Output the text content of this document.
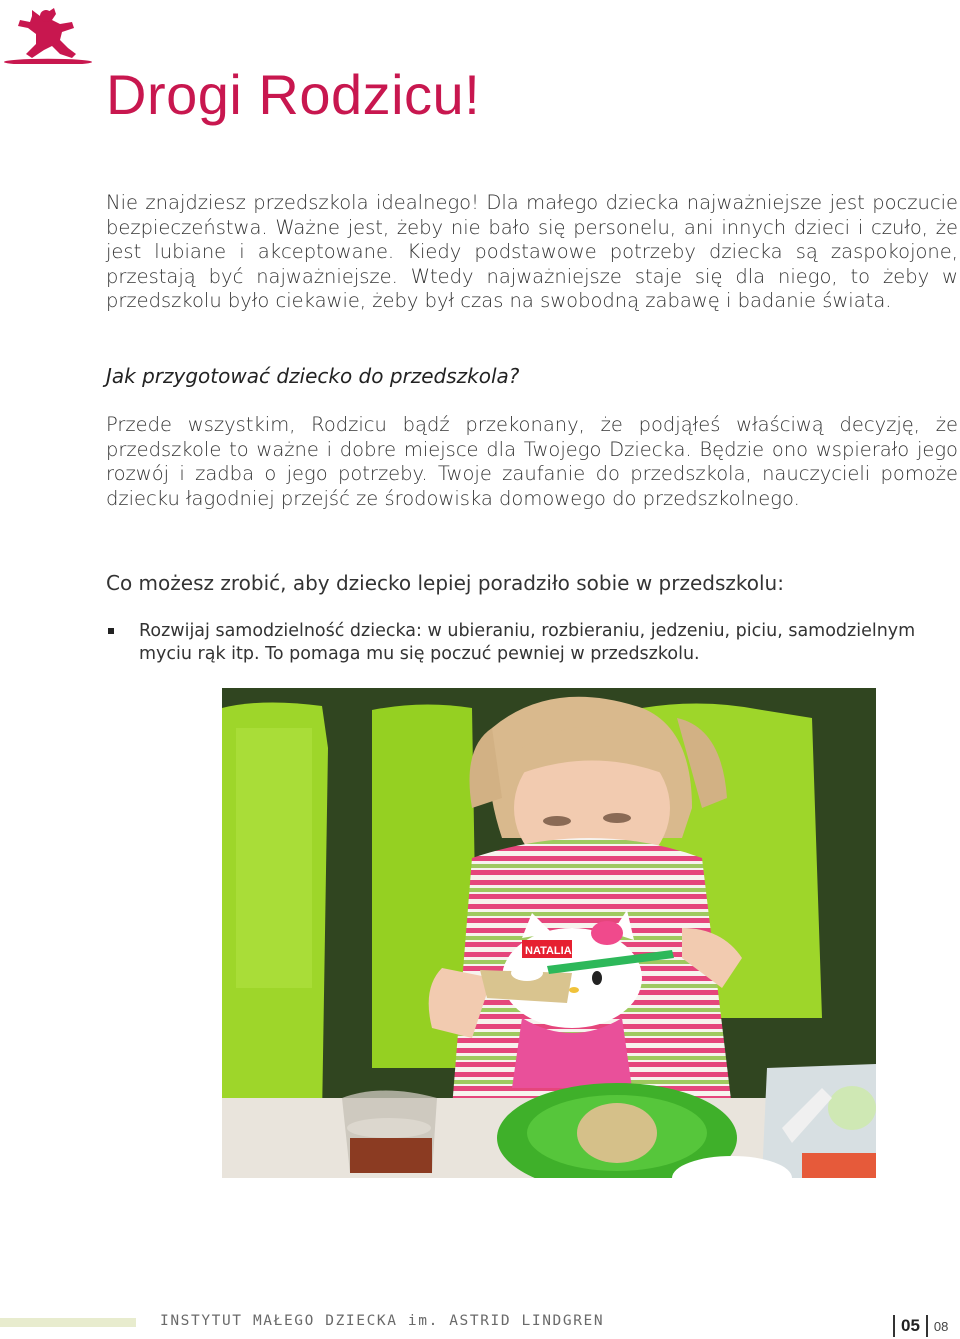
Drogi Rodzicu!

Nie znajdziesz przedszkola idealnego! Dla małego dziecka najważniejsze jest poczucie bezpieczeństwa. Ważne jest, żeby nie bało się personelu, ani innych dzieci i czuło, że jest lubiane i akceptowane. Kiedy podstawowe potrzeby dziecka są zaspokojone, przestają być najważniejsze. Wtedy najważniejsze staje się dla niego, to żeby w przedszkolu było ciekawie, żeby był czas na swobodną zabawę i badanie świata.

Jak przygotować dziecko do przedszkola?

Przede wszystkim, Rodzicu bądź przekonany, że podjąłeś właściwą decyzję, że przedszkole to ważne i dobre miejsce dla Twojego Dziecka. Będzie ono wspierało jego rozwój i zadba o jego potrzeby. Twoje zaufanie do przedszkola, nauczycieli pomoże dziecku łagodniej przejść ze środowiska domowego do przedszkolnego.

Co możesz zrobić, aby dziecko lepiej poradziło sobie w przedszkolu:
Rozwijaj samodzielność dziecka: w ubieraniu, rozbieraniu, jedzeniu, piciu, samodzielnym myciu rąk itp. To pomaga mu się poczuć pewniej w przedszkolu.
NATALIA
INSTYTUT MAŁEGO DZIECKA im. ASTRID LINDGREN	05 08
